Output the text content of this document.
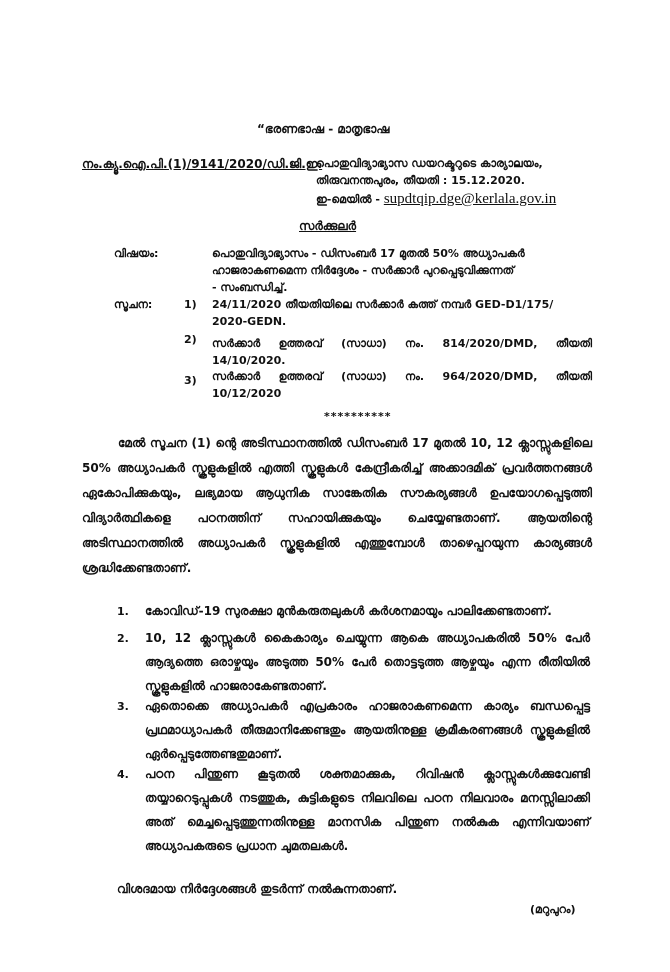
“ഭരണഭാഷ - മാതൃഭാഷ
നം.ക്യൂ.ഐ.പി.(1)/9141/2020/ഡി.ജി.ഇ.
പൊതുവിദ്യാഭ്യാസ ഡയറക്ടറുടെ കാര്യാലയം,
തിരുവനന്തപുരം, തീയതി : 15.12.2020.
ഇ-മെയിൽ - supdtqip.dge@kerlala.gov.in
സർക്കുലർ
വിഷയം:	പൊതുവിദ്യാഭ്യാസം - ഡിസംബർ 17 മുതൽ 50% അധ്യാപകർ
ഹാജരാകണമെന്ന നിർദ്ദേശം - സർക്കാർ പുറപ്പെടുവിക്കുന്നത്
- സംബന്ധിച്ച്.
സൂചന:	1) 24/11/2020 തീയതിയിലെ സർക്കാർ കത്ത് നമ്പർ GED-D1/175/
2020-GEDN.
2) സർക്കാർ ഉത്തരവ് (സാധാ) നം. 814/2020/DMD, തീയതി
14/10/2020.
3) സർക്കാർ ഉത്തരവ് (സാധാ) നം. 964/2020/DMD, തീയതി
10/12/2020
**********
മേൽ സൂചന (1) ന്റെ അടിസ്ഥാനത്തിൽ ഡിസംബർ 17 മുതൽ 10, 12 ക്ലാസ്സുകളിലെ 50% അധ്യാപകർ സ്കൂളുകളിൽ എത്തി സ്കൂളുകൾ കേന്ദ്രീകരിച്ച് അക്കാദമിക് പ്രവർത്തനങ്ങൾ ഏകോപിക്കുകയും, ലഭ്യമായ ആധുനിക സാങ്കേതിക സൗകര്യങ്ങൾ ഉപയോഗപ്പെടുത്തി വിദ്യാർത്ഥികളെ പഠനത്തിന് സഹായിക്കുകയും ചെയ്യേണ്ടതാണ്. ആയതിന്റെ അടിസ്ഥാനത്തിൽ അധ്യാപകർ സ്കൂളുകളിൽ എത്തുമ്പോൾ താഴെപ്പറയുന്ന കാര്യങ്ങൾ ശ്രദ്ധിക്കേണ്ടതാണ്.
1. കോവിഡ്-19 സുരക്ഷാ മുൻകരുതലുകൾ കർശനമായും പാലിക്കേണ്ടതാണ്.
2. 10, 12 ക്ലാസ്സുകൾ കൈകാര്യം ചെയ്യുന്ന ആകെ അധ്യാപകരിൽ 50% പേർ ആദ്യത്തെ ഒരാഴ്ചയും അടുത്ത 50% പേർ തൊട്ടടുത്ത ആഴ്ചയും എന്ന രീതിയിൽ സ്കൂളുകളിൽ ഹാജരാകേണ്ടതാണ്.
3. ഏതൊക്കെ അധ്യാപകർ എപ്രകാരം ഹാജരാകണമെന്ന കാര്യം ബന്ധപ്പെട്ട പ്രഥമാധ്യാപകർ തീരുമാനിക്കേണ്ടതും ആയതിനുള്ള ക്രമീകരണങ്ങൾ സ്കൂളുകളിൽ ഏർപ്പെടുത്തേണ്ടതുമാണ്.
4. പഠന പിന്തുണ കൂടുതൽ ശക്തമാക്കുക, റിവിഷൻ ക്ലാസ്സുകൾക്കുവേണ്ടി തയ്യാറെടുപ്പുകൾ നടത്തുക, കുട്ടികളുടെ നിലവിലെ പഠന നിലവാരം മനസ്സിലാക്കി അത് മെച്ചപ്പെടുത്തുന്നതിനുള്ള മാനസിക പിന്തുണ നൽകുക എന്നിവയാണ് അധ്യാപകരുടെ പ്രധാന ചുമതലകൾ.
വിശദമായ നിർദ്ദേശങ്ങൾ തുടർന്ന് നൽകുന്നതാണ്.
(മറുപുറം)
